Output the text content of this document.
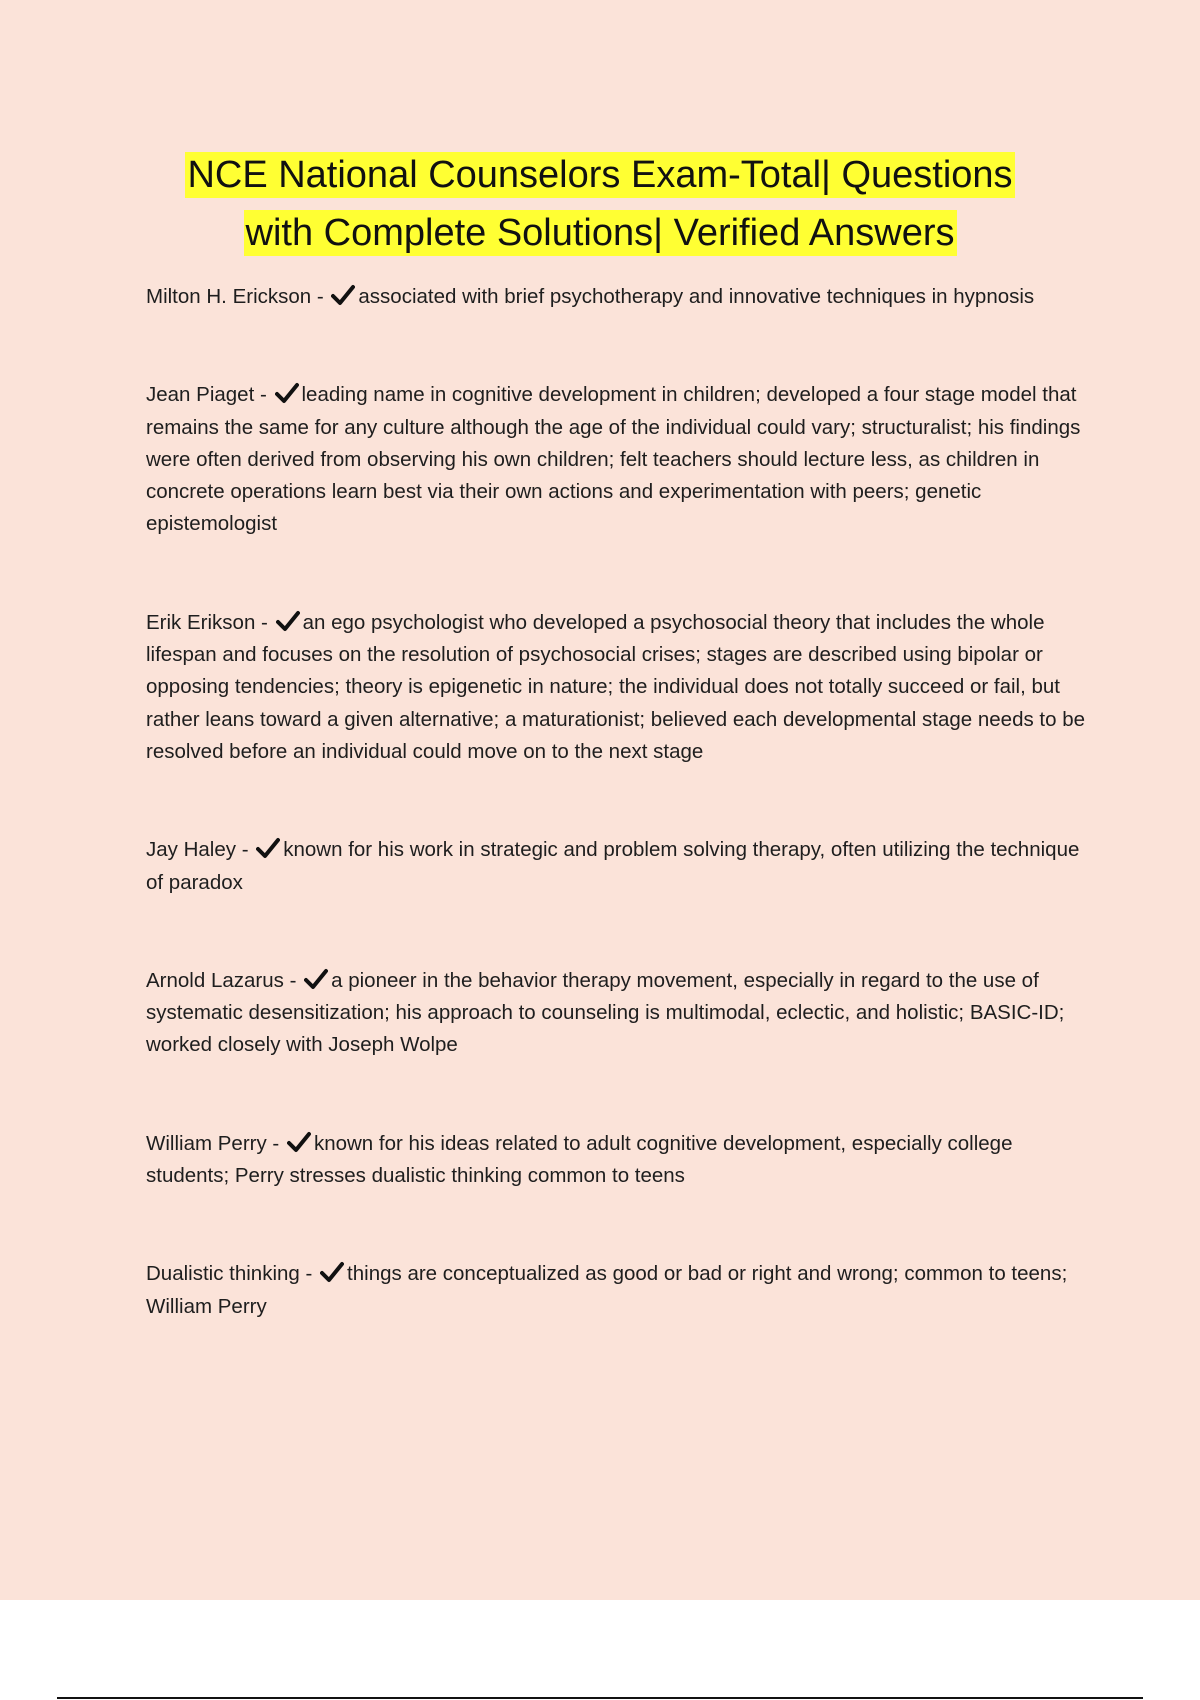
NCE National Counselors Exam-Total| Questions
with Complete Solutions| Verified Answers

Milton H. Erickson -
associated with brief psychotherapy and innovative techniques in hypnosis

Jean Piaget -
leading name in cognitive development in children; developed a four stage model that remains the same for any culture although the age of the individual could vary; structuralist; his findings were often derived from observing his own children; felt teachers should lecture less, as children in concrete operations learn best via their own actions and experimentation with peers; genetic epistemologist

Erik Erikson -
an ego psychologist who developed a psychosocial theory that includes the whole lifespan and focuses on the resolution of psychosocial crises; stages are described using bipolar or opposing tendencies; theory is epigenetic in nature; the individual does not totally succeed or fail, but rather leans toward a given alternative; a maturationist; believed each developmental stage needs to be resolved before an individual could move on to the next stage

Jay Haley -
known for his work in strategic and problem solving therapy, often utilizing the technique of paradox

Arnold Lazarus -
a pioneer in the behavior therapy movement, especially in regard to the use of systematic desensitization; his approach to counseling is multimodal, eclectic, and holistic; BASIC-ID; worked closely with Joseph Wolpe

William Perry -
known for his ideas related to adult cognitive development, especially college students; Perry stresses dualistic thinking common to teens

Dualistic thinking -
things are conceptualized as good or bad or right and wrong; common to teens; William Perry
